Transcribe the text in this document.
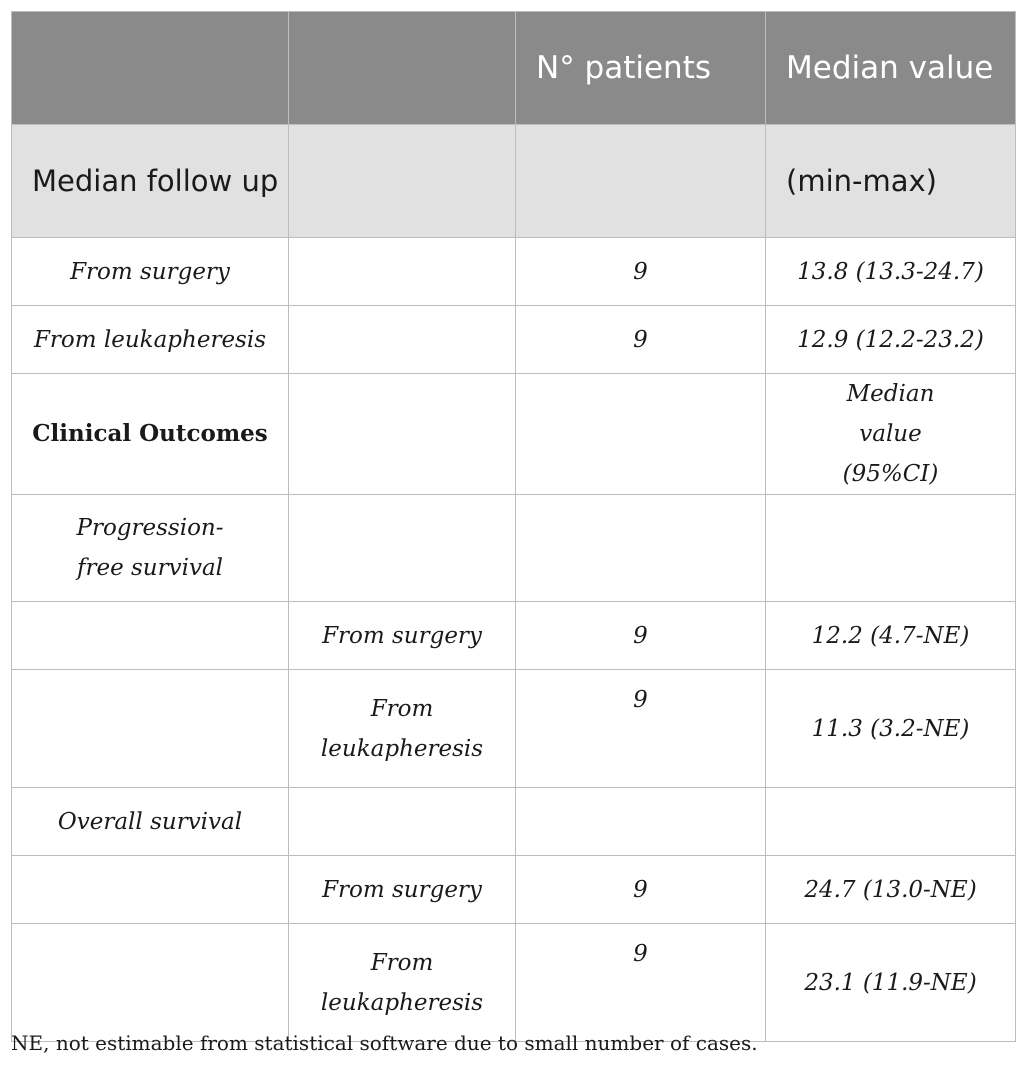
		N° patients	Median value
Median follow up			(min-max)
From surgery		9	13.8 (13.3-24.7)
From leukapheresis		9	12.9 (12.2-23.2)
Clinical Outcomes			Median value (95%CI)
Progression-free survival			
	From surgery	9	12.2 (4.7-NE)
	From leukapheresis	9	11.3 (3.2-NE)
Overall survival			
	From surgery	9	24.7 (13.0-NE)
	From leukapheresis	9	23.1 (11.9-NE)
NE, not estimable from statistical software due to small number of cases.
